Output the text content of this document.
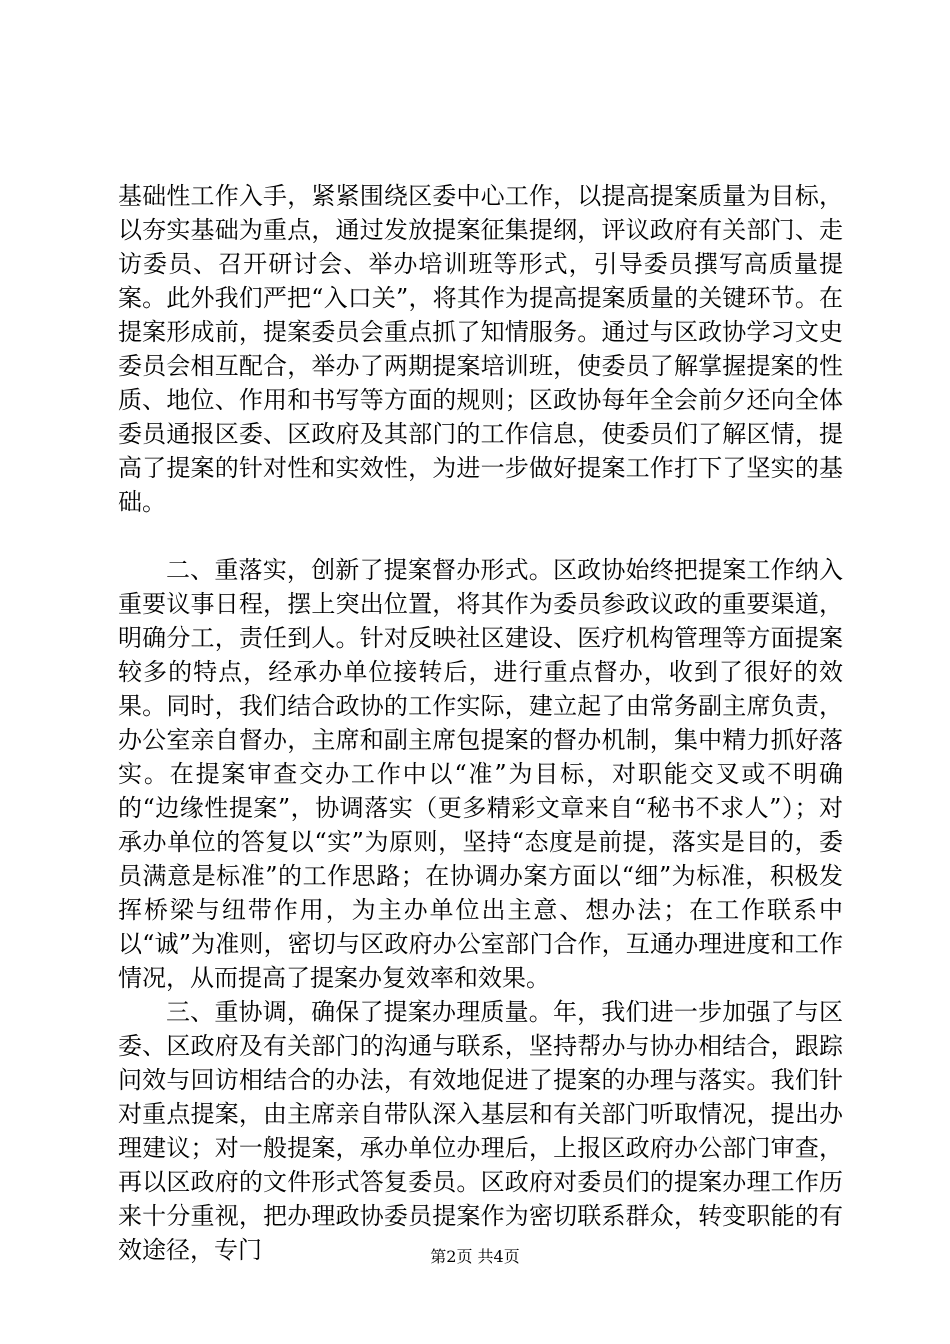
基础性工作入手，紧紧围绕区委中心工作，以提高提案质量为目标，以夯实基础为重点，通过发放提案征集提纲，评议政府有关部门、走访委员、召开研讨会、举办培训班等形式，引导委员撰写高质量提案。此外我们严把“入口关”，将其作为提高提案质量的关键环节。在提案形成前，提案委员会重点抓了知情服务。通过与区政协学习文史委员会相互配合，举办了两期提案培训班，使委员了解掌握提案的性质、地位、作用和书写等方面的规则；区政协每年全会前夕还向全体委员通报区委、区政府及其部门的工作信息，使委员们了解区情，提高了提案的针对性和实效性，为进一步做好提案工作打下了坚实的基础。

二、重落实，创新了提案督办形式。区政协始终把提案工作纳入重要议事日程，摆上突出位置，将其作为委员参政议政的重要渠道，明确分工，责任到人。针对反映社区建设、医疗机构管理等方面提案较多的特点，经承办单位接转后，进行重点督办，收到了很好的效果。同时，我们结合政协的工作实际，建立起了由常务副主席负责，办公室亲自督办，主席和副主席包提案的督办机制，集中精力抓好落实。在提案审查交办工作中以“准”为目标，对职能交叉或不明确的“边缘性提案”，协调落实（更多精彩文章来自“秘书不求人”）；对承办单位的答复以“实”为原则，坚持“态度是前提，落实是目的，委员满意是标准”的工作思路；在协调办案方面以“细”为标准，积极发挥桥梁与纽带作用，为主办单位出主意、想办法；在工作联系中以“诚”为准则，密切与区政府办公室部门合作，互通办理进度和工作情况，从而提高了提案办复效率和效果。

三、重协调，确保了提案办理质量。年，我们进一步加强了与区委、区政府及有关部门的沟通与联系，坚持帮办与协办相结合，跟踪问效与回访相结合的办法，有效地促进了提案的办理与落实。我们针对重点提案，由主席亲自带队深入基层和有关部门听取情况，提出办理建议；对一般提案，承办单位办理后，上报区政府办公部门审查，再以区政府的文件形式答复委员。区政府对委员们的提案办理工作历来十分重视，把办理政协委员提案作为密切联系群众，转变职能的有效途径，专门	第2页 共4页
